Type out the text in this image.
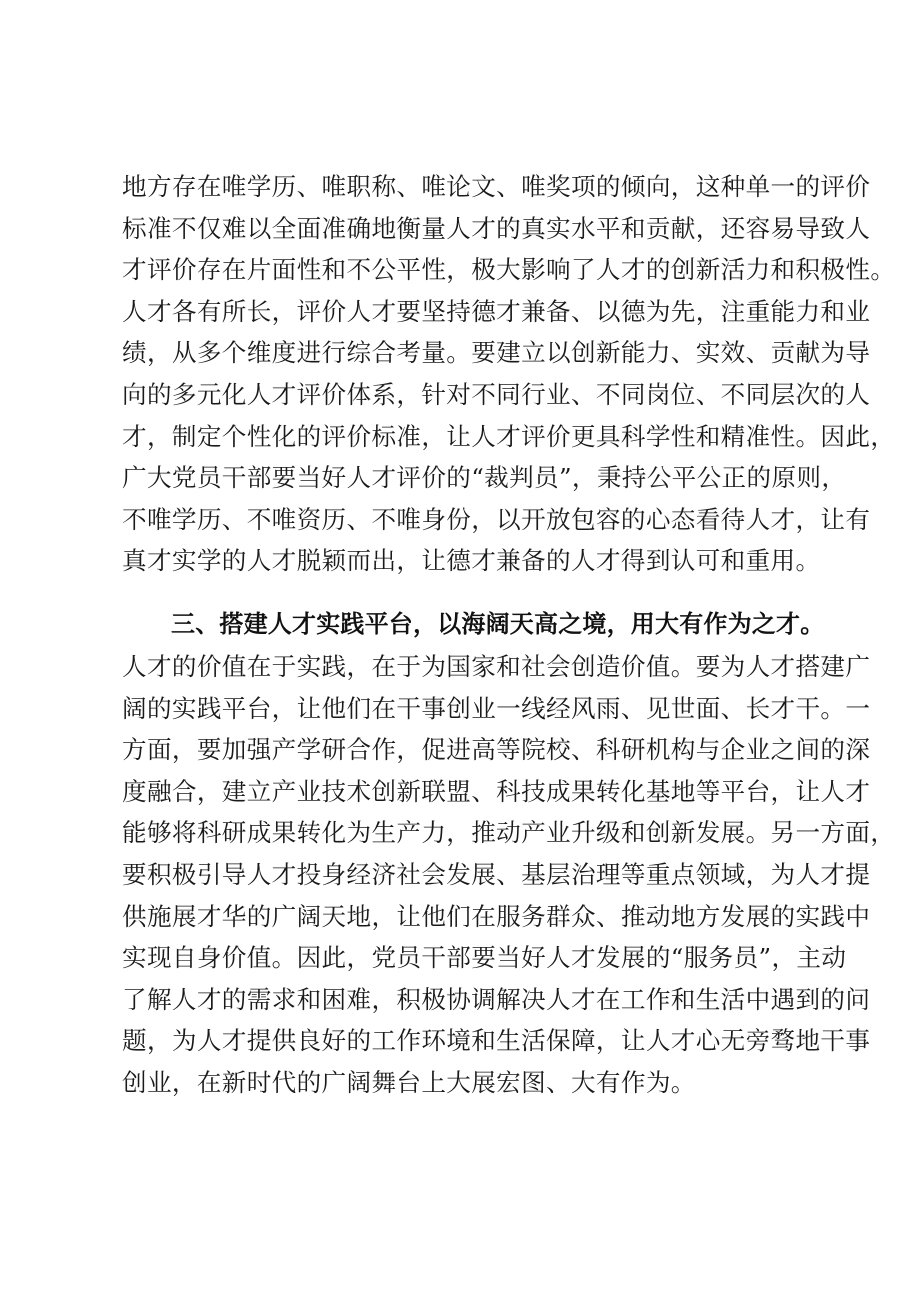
地方存在唯学历、唯职称、唯论文、唯奖项的倾向，这种单一的评价
标准不仅难以全面准确地衡量人才的真实水平和贡献，还容易导致人
才评价存在片面性和不公平性，极大影响了人才的创新活力和积极性。
人才各有所长，评价人才要坚持德才兼备、以德为先，注重能力和业
绩，从多个维度进行综合考量。要建立以创新能力、实效、贡献为导
向的多元化人才评价体系，针对不同行业、不同岗位、不同层次的人
才，制定个性化的评价标准，让人才评价更具科学性和精准性。因此，
广大党员干部要当好人才评价的“裁判员”，秉持公平公正的原则，
不唯学历、不唯资历、不唯身份，以开放包容的心态看待人才，让有
真才实学的人才脱颖而出，让德才兼备的人才得到认可和重用。
三、搭建人才实践平台，以海阔天高之境，用大有作为之才。
人才的价值在于实践，在于为国家和社会创造价值。要为人才搭建广
阔的实践平台，让他们在干事创业一线经风雨、见世面、长才干。一
方面，要加强产学研合作，促进高等院校、科研机构与企业之间的深
度融合，建立产业技术创新联盟、科技成果转化基地等平台，让人才
能够将科研成果转化为生产力，推动产业升级和创新发展。另一方面，
要积极引导人才投身经济社会发展、基层治理等重点领域，为人才提
供施展才华的广阔天地，让他们在服务群众、推动地方发展的实践中
实现自身价值。因此，党员干部要当好人才发展的“服务员”，主动
了解人才的需求和困难，积极协调解决人才在工作和生活中遇到的问
题，为人才提供良好的工作环境和生活保障，让人才心无旁骛地干事
创业，在新时代的广阔舞台上大展宏图、大有作为。
